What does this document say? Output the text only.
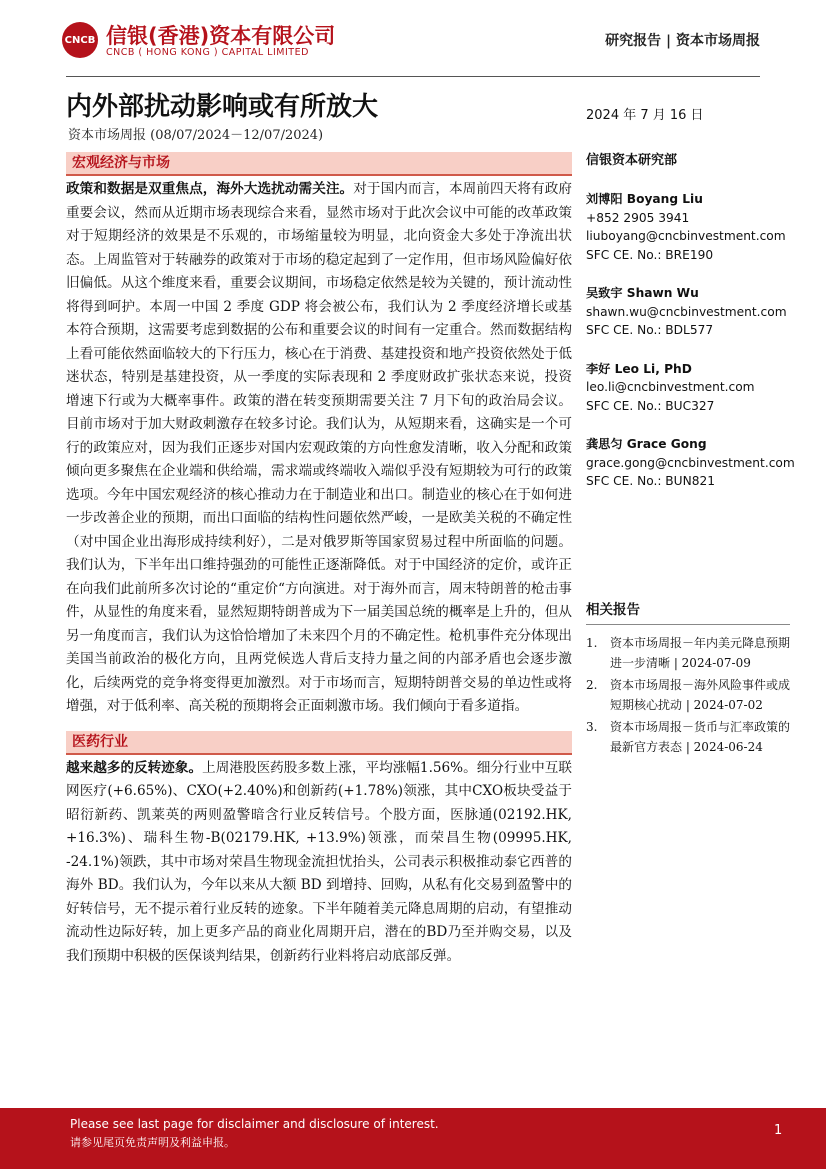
CNCB 信银(香港)资本有限公司
CNCB ( HONG KONG ) CAPITAL LIMITED
研究报告 | 资本市场周报
内外部扰动影响或有所放大
资本市场周报 (08/07/2024－12/07/2024)
宏观经济与市场

政策和数据是双重焦点，海外大选扰动需关注。对于国内而言，本周前四天将有政府重要会议，然而从近期市场表现综合来看，显然市场对于此次会议中可能的改革政策对于短期经济的效果是不乐观的，市场缩量较为明显，北向资金大多处于净流出状态。上周监管对于转融券的政策对于市场的稳定起到了一定作用，但市场风险偏好依旧偏低。从这个维度来看，重要会议期间，市场稳定依然是较为关键的，预计流动性将得到呵护。本周一中国 2 季度 GDP 将会被公布，我们认为 2 季度经济增长或基本符合预期，这需要考虑到数据的公布和重要会议的时间有一定重合。然而数据结构上看可能依然面临较大的下行压力，核心在于消费、基建投资和地产投资依然处于低迷状态，特别是基建投资，从一季度的实际表现和 2 季度财政扩张状态来说，投资增速下行或为大概率事件。政策的潜在转变预期需要关注 7 月下旬的政治局会议。目前市场对于加大财政刺激存在较多讨论。我们认为，从短期来看，这确实是一个可行的政策应对，因为我们正逐步对国内宏观政策的方向性愈发清晰，收入分配和政策倾向更多聚焦在企业端和供给端，需求端或终端收入端似乎没有短期较为可行的政策选项。今年中国宏观经济的核心推动力在于制造业和出口。制造业的核心在于如何进一步改善企业的预期，而出口面临的结构性问题依然严峻，一是欧美关税的不确定性（对中国企业出海形成持续利好），二是对俄罗斯等国家贸易过程中所面临的问题。我们认为，下半年出口维持强劲的可能性正逐渐降低。对于中国经济的定价，或许正在向我们此前所多次讨论的“重定价“方向演进。对于海外而言，周末特朗普的枪击事件，从显性的角度来看，显然短期特朗普成为下一届美国总统的概率是上升的，但从另一角度而言，我们认为这恰恰增加了未来四个月的不确定性。枪机事件充分体现出美国当前政治的极化方向，且两党候选人背后支持力量之间的内部矛盾也会逐步激化，后续两党的竞争将变得更加激烈。对于市场而言，短期特朗普交易的单边性或将增强，对于低利率、高关税的预期将会正面刺激市场。我们倾向于看多道指。

医药行业

越来越多的反转迹象。上周港股医药股多数上涨，平均涨幅1.56%。细分行业中互联网医疗(+6.65%)、CXO(+2.40%)和创新药(+1.78%)领涨，其中CXO板块受益于昭衍新药、凯莱英的两则盈警暗含行业反转信号。个股方面，医脉通(02192.HK, +16.3%)、瑞科生物-B(02179.HK, +13.9%)领涨，而荣昌生物(09995.HK, -24.1%)领跌，其中市场对荣昌生物现金流担忧抬头，公司表示积极推动泰它西普的海外 BD。我们认为，今年以来从大额 BD 到增持、回购，从私有化交易到盈警中的好转信号，无不提示着行业反转的迹象。下半年随着美元降息周期的启动，有望推动流动性边际好转，加上更多产品的商业化周期开启，潜在的BD乃至并购交易，以及我们预期中积极的医保谈判结果，创新药行业料将启动底部反弹。

2024 年 7 月 16 日
信银资本研究部
刘博阳 Boyang Liu
+852 2905 3941
liuboyang@cncbinvestment.com
SFC CE. No.: BRE190
吴致宇 Shawn Wu
shawn.wu@cncbinvestment.com
SFC CE. No.: BDL577
李好 Leo Li, PhD
leo.li@cncbinvestment.com
SFC CE. No.: BUC327
龚思匀 Grace Gong
grace.gong@cncbinvestment.com
SFC CE. No.: BUN821
相关报告
1. 资本市场周报－年内美元降息预期进一步清晰 | 2024-07-09
2. 资本市场周报－海外风险事件或成短期核心扰动 | 2024-07-02
3. 资本市场周报－货币与汇率政策的最新官方表态 | 2024-06-24
Please see last page for disclaimer and disclosure of interest.
请参见尾页免责声明及利益申报。
1
